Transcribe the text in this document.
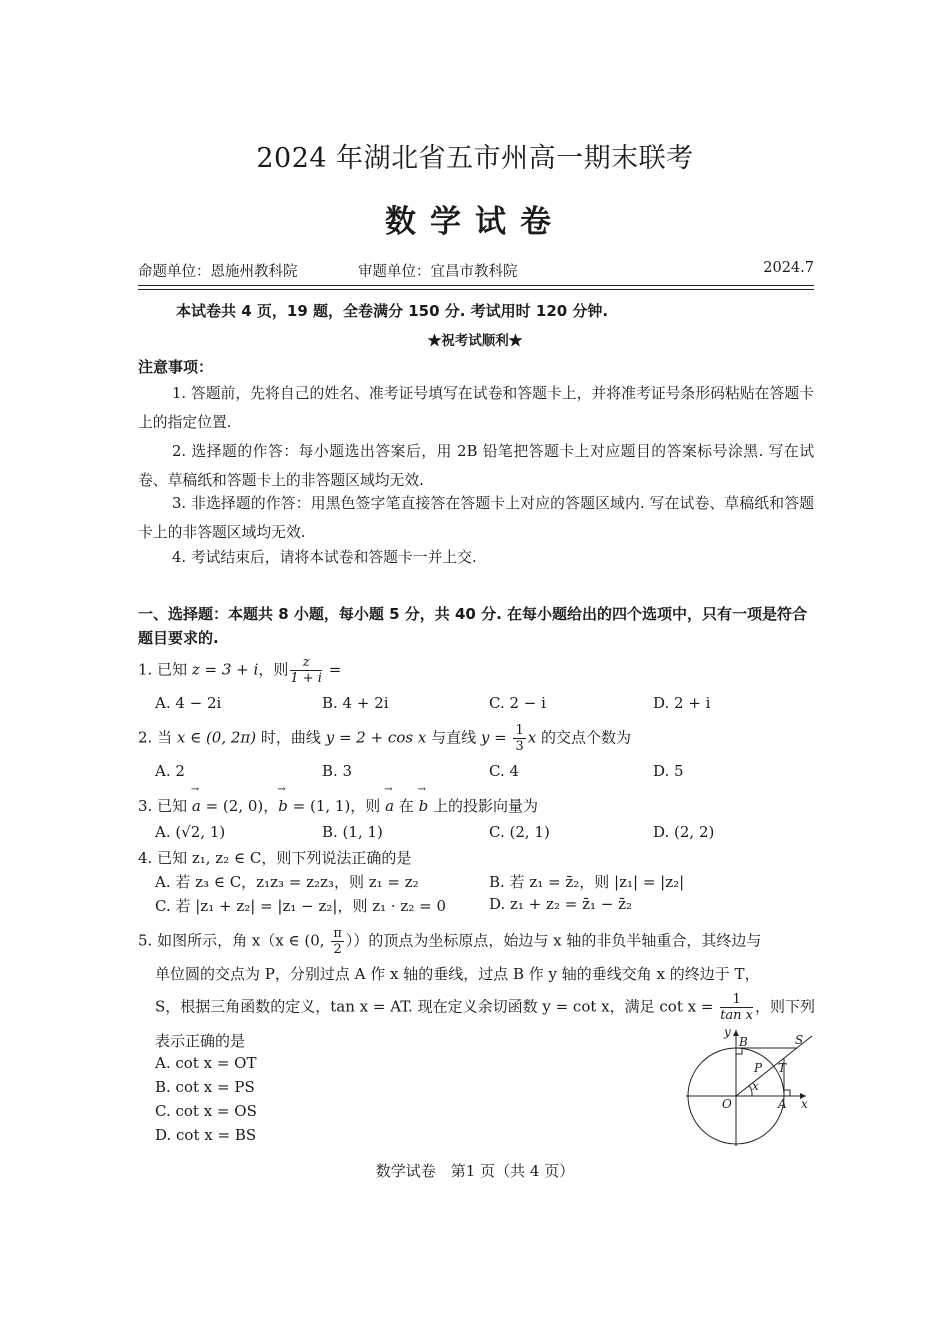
2024 年湖北省五市州高一期末联考
数学试卷
命题单位：恩施州教科院	审题单位：宜昌市教科院	2024.7
本试卷共 4 页，19 题，全卷满分 150 分. 考试用时 120 分钟.
★祝考试顺利★
注意事项：
1. 答题前，先将自己的姓名、准考证号填写在试卷和答题卡上，并将准考证号条形码粘贴在答题卡上的指定位置.
2. 选择题的作答：每小题选出答案后，用 2B 铅笔把答题卡上对应题目的答案标号涂黑. 写在试卷、草稿纸和答题卡上的非答题区域均无效.
3. 非选择题的作答：用黑色签字笔直接答在答题卡上对应的答题区域内. 写在试卷、草稿纸和答题卡上的非答题区域均无效.
4. 考试结束后，请将本试卷和答题卡一并上交.
一、选择题：本题共 8 小题，每小题 5 分，共 40 分. 在每小题给出的四个选项中，只有一项是符合题目要求的.
1. 已知 z = 3 + i，则 $\frac{z}{1 + i}$ =
A. 4 − 2i	B. 4 + 2i	C. 2 − i	D. 2 + i
2. 当 x ∈ (0, 2π) 时，曲线 y = 2 + cos x 与直线 $y = \frac{1}{3}$ x 的交点个数为
A. 2	B. 3	C. 4	D. 5
3. 已知 → a = (2, 0)，→ b = (1, 1)，则 → a 在 → b 上的投影向量为
A. (√2, 1)	B. (1, 1)	C. (2, 1)	D. (2, 2)
4. 已知 z₁, z₂ ∈ C，则下列说法正确的是
A. 若 z₃ ∈ C，z₁z₃ = z₂z₃，则 z₁ = z₂	B. 若 z₁ = z̄₂，则 |z₁| = |z₂|
C. 若 |z₁ + z₂| = |z₁ − z₂|，则 z₁ · z₂ = 0	D. z₁ + z₂ = z̄₁ − z̄₂
5. 如图所示，角 x（x ∈ (0, $\frac{\pi}{2}$ ））的顶点为坐标原点，始边与 x 轴的非负半轴重合，其终边与
单位圆的交点为 P，分别过点 A 作 x 轴的垂线，过点 B 作 y 轴的垂线交角 x 的终边于 T，
S，根据三角函数的定义，tan x = AT. 现在定义余切函数 y = cot x，满足 $\cot x = \frac{1}{\text{tan x}}$ ，则下列
表示正确的是
A. cot x = OT
B. cot x = PS
C. cot x = OS
D. cot x = BS
y
B	S
P T
x
O	A x
数学试卷　第1 页（共 4 页）
